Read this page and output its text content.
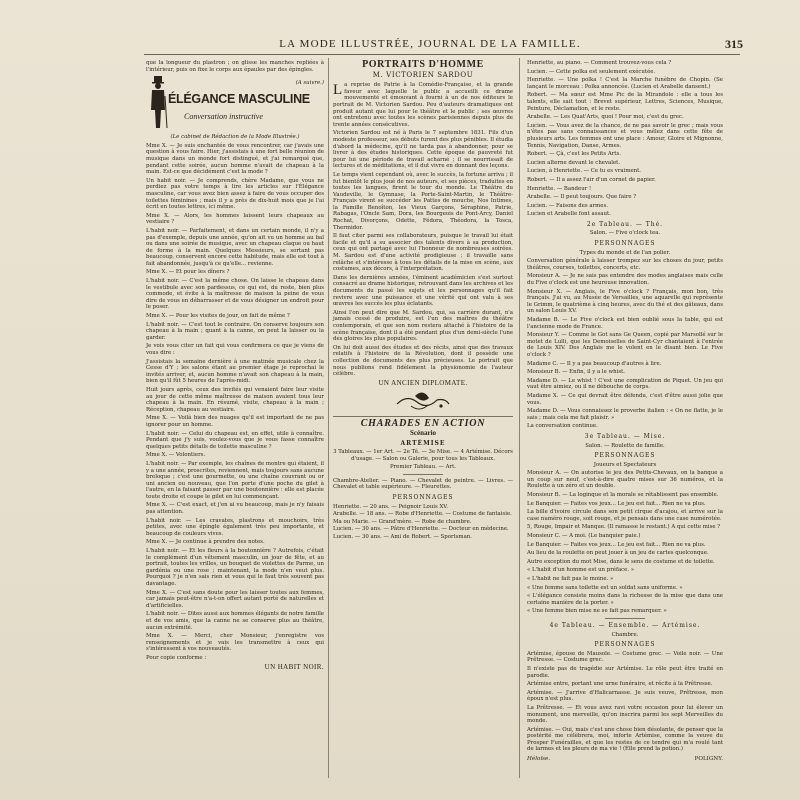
LA MODE ILLUSTRÉE, JOURNAL DE LA FAMILLE.	315

que la longueur du plastron ; on glisse les manches repliées à l'intérieur, puis on fixe le corps aux épaules par des épingles.

ÉLÉGANCE MASCULINE
Conversation instructive
(A suivre.)

(Le cabinet de Rédaction de la Mode Illustrée.)

Mme X. — Je suis enchantée de vous rencontrer, car j'avais une question à vous faire. Hier, j'assistais à une fort belle réunion de musique dans un monde fort distingué, et j'ai remarqué que, pendant cette soirée, aucun homme n'avait de chapeau à la main. Est-ce que décidément c'est la mode ?

Un habit noir. — Je comprends, chère Madame, que vous ne perdiez pas votre temps à lire les articles sur l'Élégance masculine, car vous avez bien assez à faire de vous occuper des toilettes féminines ; mais il y a près de dix-huit mois que je l'ai écrit en toutes lettres, ici même.

Mme X. — Alors, les hommes laissent leurs chapeaux au vestiaire ?

L'habit noir. — Parfaitement, et dans un certain monde, il n'y a pas d'exemple, depuis une année, qu'on ait vu un homme au bal ou dans une soirée de musique, avec un chapeau claque ou haut de forme à la main. Quelques Messieurs, se sortant pas beaucoup, conservent encore cette habitude, mais elle est tout à fait abandonnée, jusqu'à ce qu'elle... revienne.

Mme X. — Et pour les dîners ?

L'habit noir. — C'est la même chose. On laisse le chapeau dans le vestibule avec son pardessus, ce qui est, du reste, bien plus commode, et évite à la maîtresse de maison la peine de vous dire de vous en débarrasser et de vous désigner un endroit pour le poser.

Mme X. — Pour les visites de jour, on fait de même ?

L'habit noir. — C'est tout le contraire. On conserve toujours son chapeau à la main ; quant à la canne, on peut la laisser ou la garder.

Je vois vous citer un fait qui vous confirmera ce que je viens de vous dire :

J'assistais la semaine dernière à une matinée musicale chez la Cesse d'Y ; les salons étant au premier étage je reprochai le invités arriver, et, aucun homme n'avait son chapeau à la main, bien qu'il fût 5 heures de l'après-midi.

Huit jours après, ceux des invités qui venaient faire leur visite au jour de cette même maîtresse de maison avaient tous leur chapeau à la main. En résumé, visite, chapeau à la main ; Réception, chapeau au vestiaire.

Mme X. — Voilà bien des nuages qu'il est important de ne pas ignorer pour un homme.

L'habit noir. — Celui du chapeau est, en effet, utile à connaître. Pendant que j'y suis, voulez-vous que je vous fasse connaître quelques petits détails de toilette masculine ?

Mme X. — Volontiers.

L'habit noir. — Par exemple, les chaînes de montre qui étaient, il y a une année, proscrites, reviennent, mais toujours sans aucune breloque ; c'est une gourmette, ou une chaîne couvrant ou or uni ancien ou nouveau, que l'on porte d'une poche du gilet à l'autre, en la faisant passer par une boutonnière : elle est placée toute droite et coupe le gilet en lui commençant.

Mme X. — C'est exact, et j'en ai vu beaucoup, mais je n'y faisais pas attention.

L'habit noir. — Les cravates, plastrons et mouchoirs, très petites, avec une épingle également très peu importante, et beaucoup de couleurs vives.

Mme X. — Je continue à prendre des notes.

L'habit noir. — Et les fleurs à la boutonnière ? Autrefois, c'était le complément d'un vêtement masculin, un jour de fête, et au portrait, toutes les vrilles, un bouquet de violettes de Parme, un gardénia ou une rose ; maintenant, la mode n'en veut plus. Pourquoi ? je n'en sais rien et vous qui le faut très souvent pas davantage.

Mme X. — C'est sans doute pour les laisser toutes aux femmes, car jamais peut-être n'a-t-on offert autant porté de naturelles et d'artificielles.

L'habit noir. — Dites aussi aux hommes élégants de notre famille et de vos amis, que la canne ne se conserve plus au théâtre, aucun extrémité.

Mme X. — Merci, cher Monsieur, j'enregistre vos renseignements et je vais les transmettre à ceux qui s'intéressent à vos nouveautés.

Pour copie conforme :

UN HABIT NOIR.
PORTRAITS D'HOMME
M. VICTORIEN SARDOU
L a reprise de Patrie à la Comédie-Française, et la grande faveur avec laquelle le public a accueilli ce drame mouvementé et émouvant à fourni à un de nos éditeurs le portrait de M. Victorien Sardou. Peu d'auteurs dramatiques ont produit autant que lui pour le théâtre et le public ; ses œuvres ont entretenu avec toutes les scènes parisiennes depuis plus de trente années consécutives.

Victorien Sardou est né à Paris le 7 septembre 1831. Fils d'un modeste professeur, ses débuts furent des plus pénibles. Il étudia d'abord la médecine, qu'il ne tarda pas à abandonner, pour se livrer à des études historiques. Cette époque de pauvreté fut pour lui une période de travail acharné ; il se nourrissait de lectures et de méditations, et il dut vivre en donnant des leçons.

Le temps vient cependant où, avec le succès, la fortune arriva ; il fut bientôt le plus joué de nos auteurs, et ses pièces, traduites en toutes les langues, firent le tour du monde. Le Théâtre du Vaudeville, le Gymnase, la Porte-Saint-Martin, le Théâtre-Français virent se succéder les Pattes de mouche, Nos Intimes, la Famille Benoîton, les Vieux Garçons, Séraphine, Patrie, Rabagas, l'Oncle Sam, Dora, les Bourgeois de Pont-Arcy, Daniel Rochat, Divorçons, Odette, Fédora, Théodora, la Tosca, Thermidor.

Il faut citer parmi ses collaborateurs, puisque le travail lui était facile et qu'il a su associer des talents divers à sa production, ceux qui ont partagé avec lui l'honneur de nombreuses soirées. M. Sardou est d'une activité prodigieuse ; il travaille sans relâche et s'intéresse à tous les détails de la mise en scène, aux costumes, aux décors, à l'interprétation.

Dans les dernières années, l'éminent académicien s'est surtout consacré au drame historique, retrouvant dans les archives et les documents du passé les sujets et les personnages qu'il fait revivre avec une puissance et une vérité qui ont valu à ses œuvres les succès les plus éclatants.

Ainsi l'on peut dire que M. Sardou, qui, sa carrière durant, n'a jamais cessé de produire, est l'un des maîtres du théâtre contemporain, et que son nom restera attaché à l'histoire de la scène française, dont il a été pendant plus d'un demi-siècle l'une des gloires les plus populaires.

On lui doit aussi des études et des récits, ainsi que des travaux relatifs à l'histoire de la Révolution, dont il possède une collection de documents des plus précieuses. Le portrait que nous publions rend fidèlement la physionomie de l'auteur célèbre.

UN ANCIEN DIPLOMATE.
CHARADES EN ACTION
Scénario
ARTÉMISE

3 Tableaux. — 1er Art. — 2e Té. — 3e Mise. — 4 Artémise. Décors d'usage. — Salon ou Galerie, pour tous les Tableaux.

Premier Tableau. — Art.

Chambre-Atelier. — Piano. — Chevalet de peintre. — Livres. — Chevalet et table supérieure. — Fleurettes.

PERSONNAGES

Henriette. — 20 ans. — Peignoir Louis XV.

Arabelle. — 18 ans. — Robe d'Henriette. — Costume de fantaisie.

Ma ou Marie. — Grand'mère. — Robe de chambre.

Lucien. — 30 ans. — Pâtre d'Henriette. — Docteur en médecine.

Lucien. — 30 ans. — Ami de Robert. — Sportsman.

Henriette, au piano. — Comment trouvez-vous cela ?

Lucien. — Cette polka est seulement exécutée.

Henriette. — Une polka ! C'est la Marche funèbre de Chopin. (Se lançant le morceau : Polka annoncée. (Lucien et Arabelle dansent.)

Robert. — Ma sœur est Mme Pic de la Mirandole : elle a tous les talents, elle sait tout : Brevet supérieur, Lettres, Sciences, Musique, Peinture, Déclamation, et le reste.

Arabelle. — Les Quat'Arts, quoi ! Pour moi, c'est du grec.

Lucien. — Vous avez de la chance, de ne pas savoir le grec ; mais vous n'êtes pas sans connaissances et vous mêlez dans cette fête de plusieurs arts. Les femmes ont une place : Amour, Gloire et Mignonne, Tennis, Navigation, Danse, Armes.

Robert. — Çà, c'est les Petits Arts.

Lucien alterne devant le chevalet.

Lucien, à Henriette. — Ce tu es vraiment.

Robert. — Il a assez l'air d'un cornet de papier.

Henriette. — Bandeur !

Arabelle. — Il peut toujours. Que faire ?

Lucien. — Faisons des armes.

Lucien et Arabelle font assaut.

2e Tableau. — Thé.

Salon. — Five o'clock tea.

PERSONNAGES

Types du monde et de l'an polier.

Conversation générale à laisser trompez sur les choses du jour, petits théâtres, courses, toilettes, concerts, etc.

Monsieur A. — Je ne sais pas entendre des modes anglaises mais celle du Five o'clock est une heureuse innovation.

Monsieur X. — Anglais, le Five o'clock ? Français, mon bon, très français. J'ai vu, au Musée de Versailles, une aquarelle qui représente le Grimm, le quatrième à cinq heures, avec du thé et des gâteaux, dans un salon Louis XV.

Madame B. — Le Five o'clock est bien oublié sous la table, qui est l'ancienne mode de France.

Monsieur Y. — Comme le Got sans Ge Queen, copié par Marsollé sur le motet de Lulli, que les Demoiselles de Saint-Cyr chantaient à l'entrée de Louis XIV. Des Anglais me le volent en le disant bien. Le Five o'clock ?

Madame C. — Il y a pas beaucoup d'autres à lire.

Monsieur B. — Enfin, il y a le whist.

Madame D. — Le whist ! C'est une complication de Piquet. Un jeu qui vaut être aimiez, ou il ne débouche de corps.

Madame X. — Ce qui devrait être défendu, c'est d'être aussi jolie que vous.

Madame D. — Vous connaissez le proverbe italien : « On ne flatte, je le sais ; mais cela me fait plaisir. »

La conversation continue.

3e Tableau. — Mise.

Salon. — Roulette de famille.

PERSONNAGES

Joueurs et Spectateurs

Monsieur A. — On autorise le jeu des Petits-Chevaux, on la banque a un coup sur neuf, c'est-à-dire quatre mises sur 36 numéros, et la Roulette à un zéro et un double.

Monsieur B. — La loginque et la morale se rétablissent pas ensemble.

Le Banquier. — Faites vos jeux... Le jeu est fait... Rien ne va plus.

La bille d'ivoire circule dans son petit cirque d'acajou, et arrive sur la case numéro rouge, soit rouge, et je pensais dans une case numérotée.

5, Rouge, Impair et Manque. (Il ramasse le restant.) A qui cette mise ?

Monsieur C. — A moi. (Le banquier paie.)

Le Banquier. — Faites vos jeux... Le jeu est fait... Rien ne va plus.

Au lieu de la roulette on peut jouer à un jeu de cartes quelconque.

Autre exception du mot Mise, dans le sens de costume et de toilette.

« L'habit d'un homme est un préface. »

« L'habit ne fait pas le moine. »

« Une femme sans toilette est un soldat sans uniforme. »

« L'élégance consiste moins dans la richesse de la mise que dans une certaine manière de la porter. »

« Une femme bien mise ne se fait pas remarquer. »

4e Tableau. — Ensemble. — Artémise.

Chambre.

PERSONNAGES

Artémise, épouse de Mausole. — Costume grec. — Voile noir. — Une Prêtresse. — Costume grec.

Il n'existe pas de tragédie sur Artémise. Le rôle peut être traité en parodie.

Artémise entre, portant une urne funéraire, et récite à la Prêtresse.

Artémise. — J'arrive d'Halicarnasse. Je suis veuve, Prêtresse, mon époux n'est plus.

La Prêtresse. — Et vous avez ravi votre occasion pour lui élever un monument, une merveille, qu'on inscrira parmi les sept Merveilles du monde.

Artémise. — Oui, mais c'est une chose bien désolante, de penser que la postérité me célèbrera, moi, inforte Artémise, comme la veuve du Prosper Funérailles, et que les restes de ce tendre qui m'a roulé tant de larmes et les pleurs de ma vie ! (Elle prend la potion.)

Héloïse.	POLIGNY.
